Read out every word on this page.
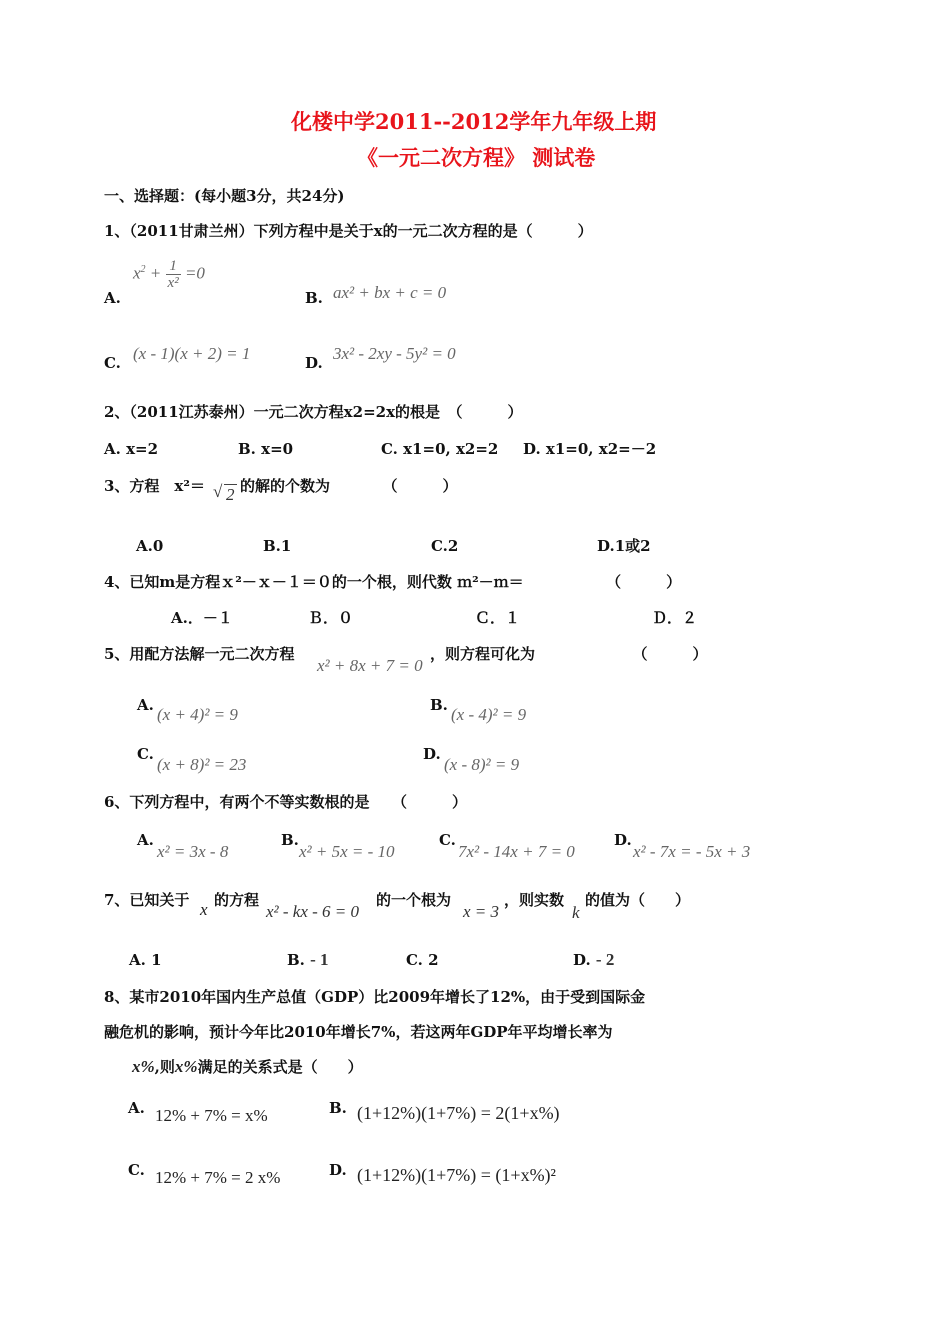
化楼中学2011--2012学年九年级上期
《一元二次方程》 测试卷
一、选择题：(每小题3分，共24分)
1、（2011甘肃兰州）下列方程中是关于x的一元二次方程的是（　　　）
A.
$x^2 + \frac{1}{\text{x²}} =0$
B. ax² + bx + c = 0
C. (x - 1)(x + 2) = 1	D. 3x² - 2xy - 5y² = 0
2、（2011江苏泰州）一元二次方程x2=2x的根是　（　　　）
A. x=2	B. x=0	C. x1=0, x2=2 D. x1=0, x2=－2
3、方程　x²＝
√	2 的解的个数为　　　　（　　　）
A.0	B.1	C.2	D.1或2
4、已知m是方程ｘ²－ｘ－１＝０的一个根，则代数 ｍ²－ｍ＝　　　　　　（　　　）
A.．－１	Ｂ．０	Ｃ．１	Ｄ．２
5、用配方法解一元二次方程
x² + 8x + 7 = 0
，则方程可化为　　　　　　　（　　　）
A. (x + 4)² = 9	B. (x - 4)² = 9
C.
(x + 8)² = 23
D.
(x - 8)² = 9
6、下列方程中，有两个不等实数根的是　　（　　　）
A.
x² = 3x - 8
B.
x² + 5x = - 10
C.
7x² - 14x + 7 = 0
D.
x² - 7x = - 5x + 3
7、已知关于 x 的方程
x² - kx - 6 = 0
的一个根为
x = 3
，则实数
k
的值为（　　）
A. 1	B. - 1	C. 2	D. - 2
8、某市2010年国内生产总值（GDP）比2009年增长了12%，由于受到国际金
融危机的影响，预计今年比2010年增长7%，若这两年GDP年平均增长率为
x%,则x%满足的关系式是（　　）
A. 12% + 7% = x%	B. (1+12%)(1+7%) = 2(1+x%)
C. 12% + 7% = 2 x%	D. (1+12%)(1+7%) = (1+x%)²
